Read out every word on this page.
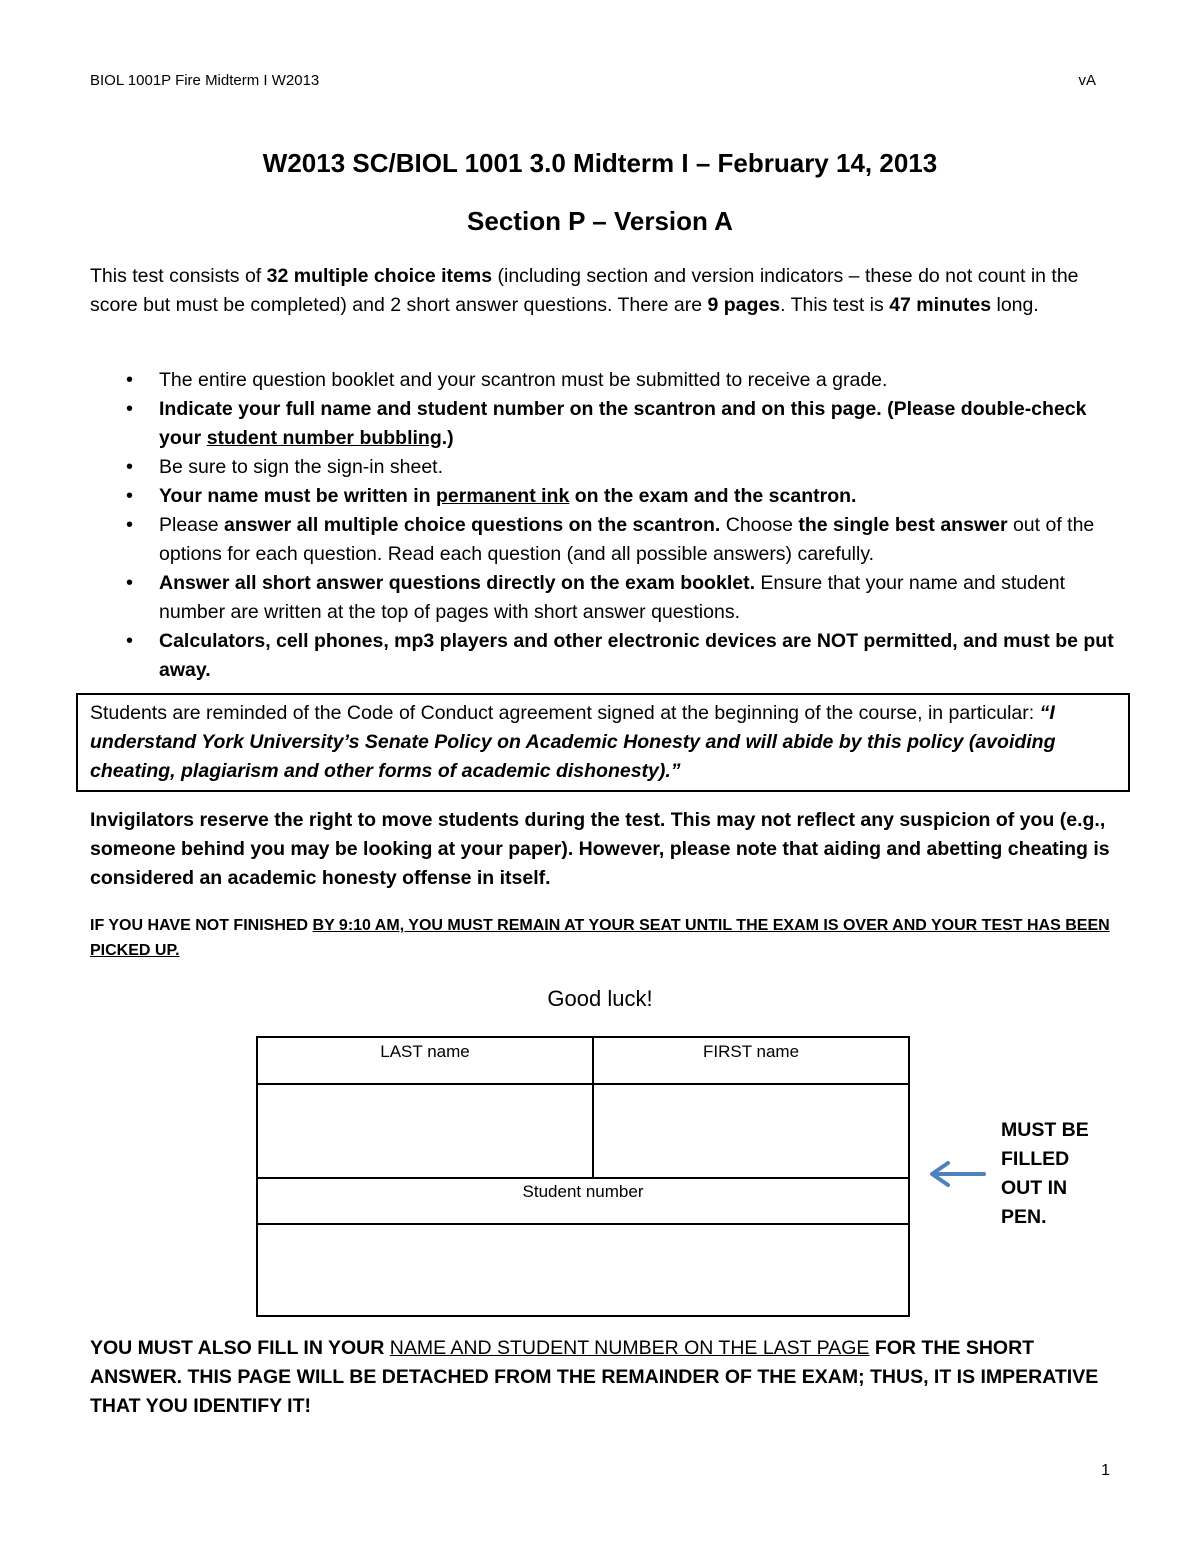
BIOL 1001P Fire Midterm I W2013	vA
W2013 SC/BIOL 1001 3.0 Midterm I – February 14, 2013
Section P – Version A
This test consists of 32 multiple choice items (including section and version indicators – these do not count in the score but must be completed) and 2 short answer questions. There are 9 pages. This test is 47 minutes long.
• The entire question booklet and your scantron must be submitted to receive a grade.
• Indicate your full name and student number on the scantron and on this page. (Please double-check your student number bubbling.)
• Be sure to sign the sign-in sheet.
• Your name must be written in permanent ink on the exam and the scantron.
• Please answer all multiple choice questions on the scantron. Choose the single best answer out of the options for each question. Read each question (and all possible answers) carefully.
• Answer all short answer questions directly on the exam booklet. Ensure that your name and student number are written at the top of pages with short answer questions.
• Calculators, cell phones, mp3 players and other electronic devices are NOT permitted, and must be put away.
Students are reminded of the Code of Conduct agreement signed at the beginning of the course, in particular: “I understand York University’s Senate Policy on Academic Honesty and will abide by this policy (avoiding cheating, plagiarism and other forms of academic dishonesty).”
Invigilators reserve the right to move students during the test. This may not reflect any suspicion of you (e.g., someone behind you may be looking at your paper). However, please note that aiding and abetting cheating is considered an academic honesty offense in itself.
IF YOU HAVE NOT FINISHED BY 9:10 AM, YOU MUST REMAIN AT YOUR SEAT UNTIL THE EXAM IS OVER AND YOUR TEST HAS BEEN PICKED UP.
Good luck!
LAST name	FIRST name
Student number
MUST BE FILLED OUT IN PEN.
YOU MUST ALSO FILL IN YOUR NAME AND STUDENT NUMBER ON THE LAST PAGE FOR THE SHORT ANSWER. THIS PAGE WILL BE DETACHED FROM THE REMAINDER OF THE EXAM; THUS, IT IS IMPERATIVE THAT YOU IDENTIFY IT!
1
